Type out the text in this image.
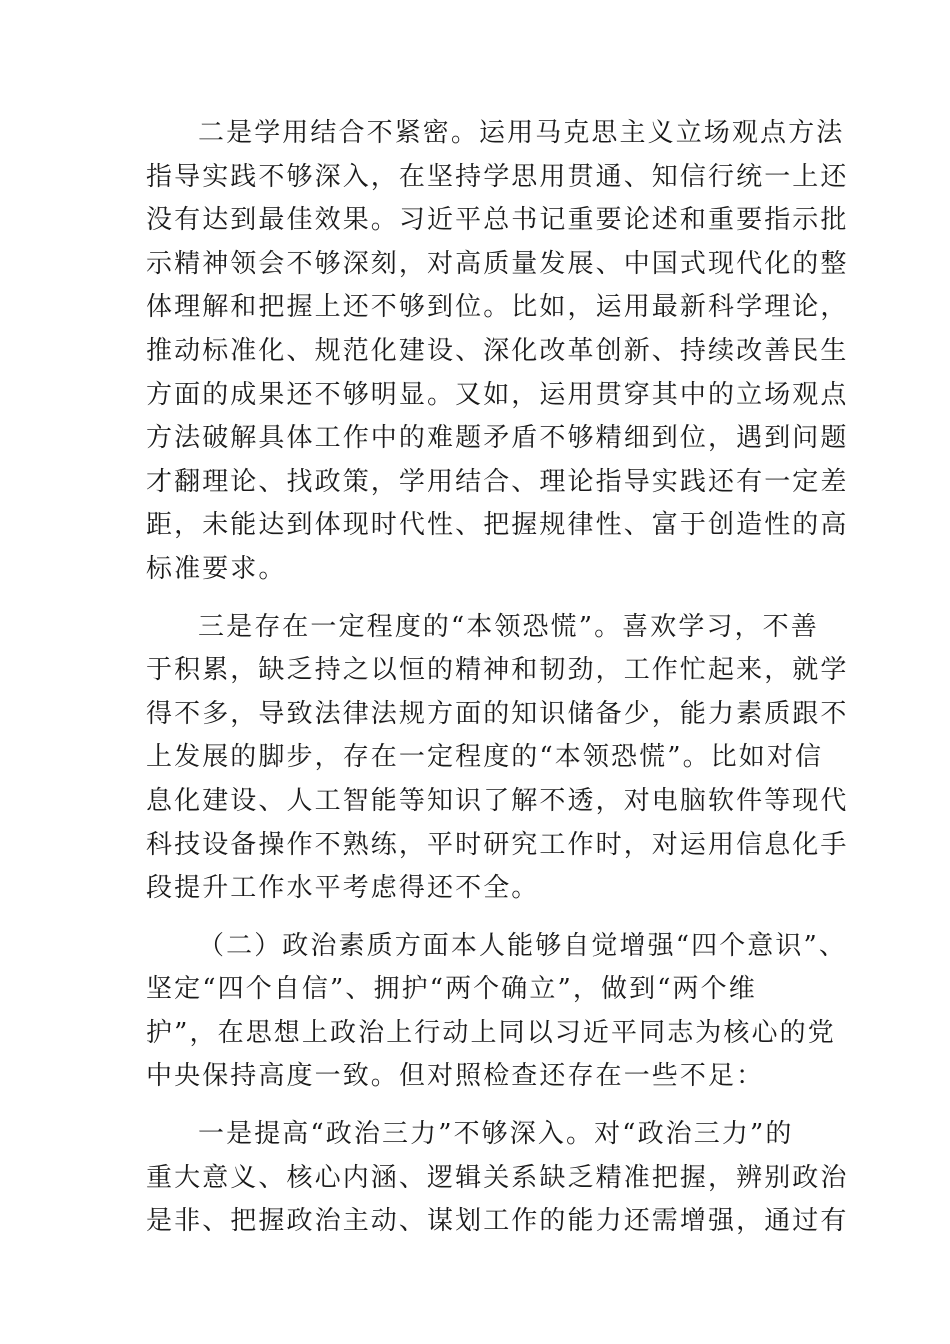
二是学用结合不紧密。运用马克思主义立场观点方法
指导实践不够深入，在坚持学思用贯通、知信行统一上还
没有达到最佳效果。习近平总书记重要论述和重要指示批
示精神领会不够深刻，对高质量发展、中国式现代化的整
体理解和把握上还不够到位。比如，运用最新科学理论，
推动标准化、规范化建设、深化改革创新、持续改善民生
方面的成果还不够明显。又如，运用贯穿其中的立场观点
方法破解具体工作中的难题矛盾不够精细到位，遇到问题
才翻理论、找政策，学用结合、理论指导实践还有一定差
距，未能达到体现时代性、把握规律性、富于创造性的高
标准要求。

三是存在一定程度的“本领恐慌”。喜欢学习，不善
于积累，缺乏持之以恒的精神和韧劲，工作忙起来，就学
得不多，导致法律法规方面的知识储备少，能力素质跟不
上发展的脚步，存在一定程度的“本领恐慌”。比如对信
息化建设、人工智能等知识了解不透，对电脑软件等现代
科技设备操作不熟练，平时研究工作时，对运用信息化手
段提升工作水平考虑得还不全。

（二）政治素质方面本人能够自觉增强“四个意识”、
坚定“四个自信”、拥护“两个确立”，做到“两个维
护”，在思想上政治上行动上同以习近平同志为核心的党
中央保持高度一致。但对照检查还存在一些不足：

一是提高“政治三力”不够深入。对“政治三力”的
重大意义、核心内涵、逻辑关系缺乏精准把握，辨别政治
是非、把握政治主动、谋划工作的能力还需增强，通过有
